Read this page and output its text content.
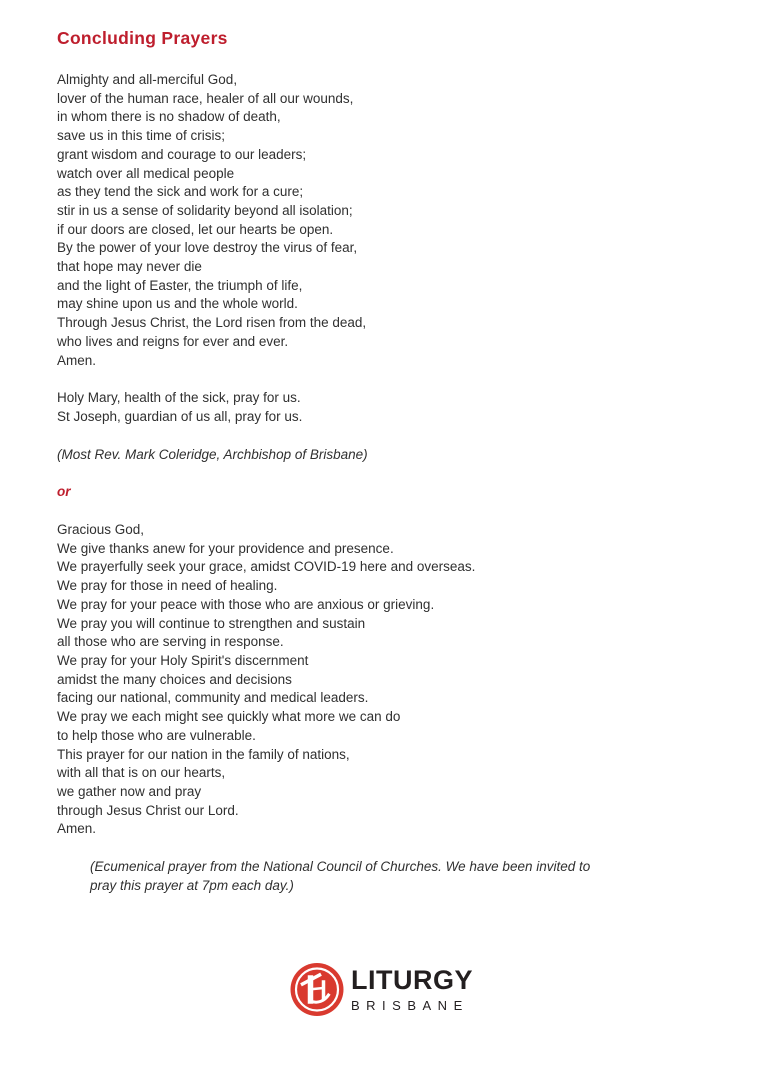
Concluding Prayers
Almighty and all-merciful God,
lover of the human race, healer of all our wounds,
in whom there is no shadow of death,
save us in this time of crisis;
grant wisdom and courage to our leaders;
watch over all medical people
as they tend the sick and work for a cure;
stir in us a sense of solidarity beyond all isolation;
if our doors are closed, let our hearts be open.
By the power of your love destroy the virus of fear,
that hope may never die
and the light of Easter, the triumph of life,
may shine upon us and the whole world.
Through Jesus Christ, the Lord risen from the dead,
who lives and reigns for ever and ever.
Amen.
Holy Mary, health of the sick, pray for us.
St Joseph, guardian of us all, pray for us.
(Most Rev. Mark Coleridge, Archbishop of Brisbane)
or
Gracious God,
We give thanks anew for your providence and presence.
We prayerfully seek your grace, amidst COVID-19 here and overseas.
We pray for those in need of healing.
We pray for your peace with those who are anxious or grieving.
We pray you will continue to strengthen and sustain
all those who are serving in response.
We pray for your Holy Spirit's discernment
amidst the many choices and decisions
facing our national, community and medical leaders.
We pray we each might see quickly what more we can do
to help those who are vulnerable.
This prayer for our nation in the family of nations,
with all that is on our hearts,
we gather now and pray
through Jesus Christ our Lord.
Amen.
(Ecumenical prayer from the National Council of Churches. We have been invited to
pray this prayer at 7pm each day.)
LITURGY
BRISBANE
